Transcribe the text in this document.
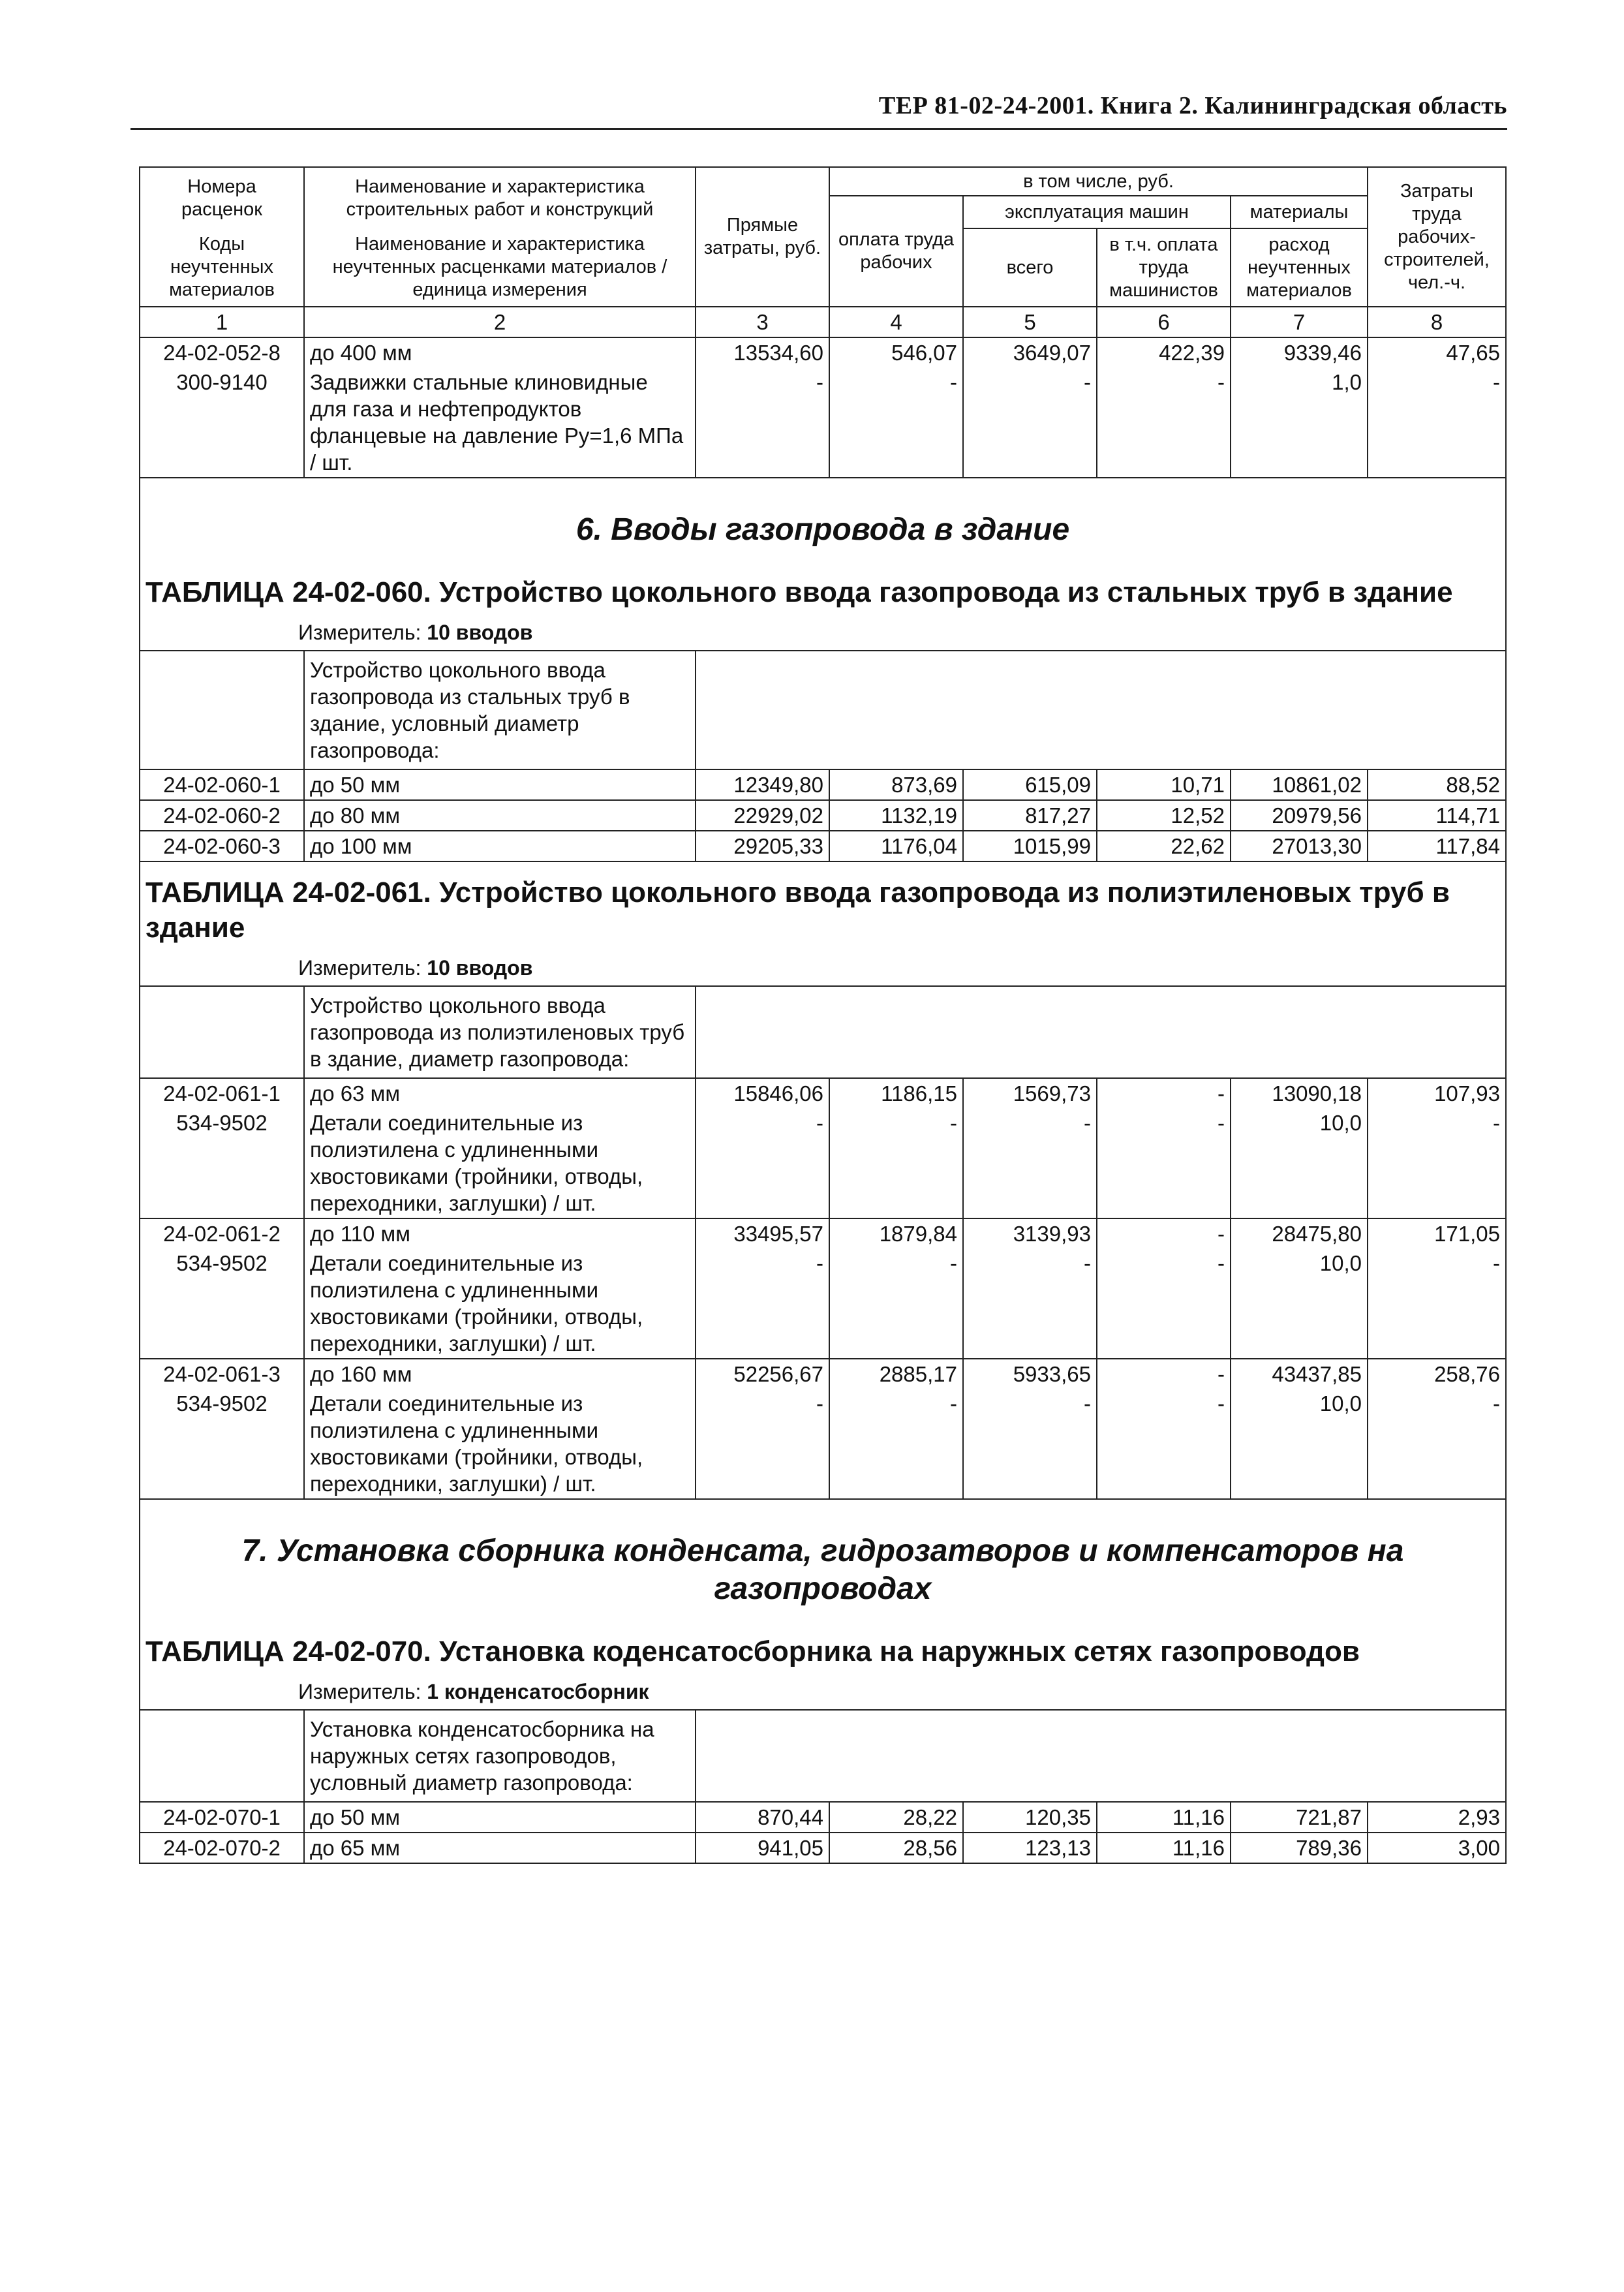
ТЕР 81-02-24-2001. Книга 2. Калининградская область
Номера расценок	Наименование и характеристика строительных работ и конструкций	Прямые затраты, руб.	в том числе, руб.				Затраты труда рабочих-строителей, чел.-ч.
			оплата труда рабочих	эксплуатация машин		материалы	
Коды неучтенных материалов	Наименование и характеристика неучтенных расценками материалов / единица измерения			всего	в т.ч. оплата труда машинистов	расход неучтенных материалов	

1	2	3	4	5	6	7	8
24-02-052-8	до 400 мм	13534,60	546,07	3649,07	422,39	9339,46	47,65
300-9140	Задвижки стальные клиновидные для газа и нефтепродуктов фланцевые на давление Ру=1,6 МПа / шт.	-	-	-	-	1,0	-
6. Вводы газопровода в здание							
ТАБЛИЦА 24-02-060. Устройство цокольного ввода газопровода из стальных труб в здание							
Измеритель: 10 вводов							
	Устройство цокольного ввода газопровода из стальных труб в здание, условный диаметр газопровода:						
24-02-060-1	до 50 мм	12349,80	873,69	615,09	10,71	10861,02	88,52
24-02-060-2	до 80 мм	22929,02	1132,19	817,27	12,52	20979,56	114,71
24-02-060-3	до 100 мм	29205,33	1176,04	1015,99	22,62	27013,30	117,84
ТАБЛИЦА 24-02-061. Устройство цокольного ввода газопровода из полиэтиленовых труб в здание							
Измеритель: 10 вводов							
	Устройство цокольного ввода газопровода из полиэтиленовых труб в здание, диаметр газопровода:						
24-02-061-1	до 63 мм	15846,06	1186,15	1569,73	-	13090,18	107,93
534-9502	Детали соединительные из полиэтилена с удлиненными хвостовиками (тройники, отводы, переходники, заглушки) / шт.	-	-	-	-	10,0	-
24-02-061-2	до 110 мм	33495,57	1879,84	3139,93	-	28475,80	171,05
534-9502	Детали соединительные из полиэтилена с удлиненными хвостовиками (тройники, отводы, переходники, заглушки) / шт.	-	-	-	-	10,0	-
24-02-061-3	до 160 мм	52256,67	2885,17	5933,65	-	43437,85	258,76
534-9502	Детали соединительные из полиэтилена с удлиненными хвостовиками (тройники, отводы, переходники, заглушки) / шт.	-	-	-	-	10,0	-
7. Установка сборника конденсата, гидрозатворов и компенсаторов на газопроводах							
ТАБЛИЦА 24-02-070. Установка коденсатосборника на наружных сетях газопроводов							
Измеритель: 1 конденсатосборник							
	Установка конденсатосборника на наружных сетях газопроводов, условный диаметр газопровода:						
24-02-070-1	до 50 мм	870,44	28,22	120,35	11,16	721,87	2,93
24-02-070-2	до 65 мм	941,05	28,56	123,13	11,16	789,36	3,00
